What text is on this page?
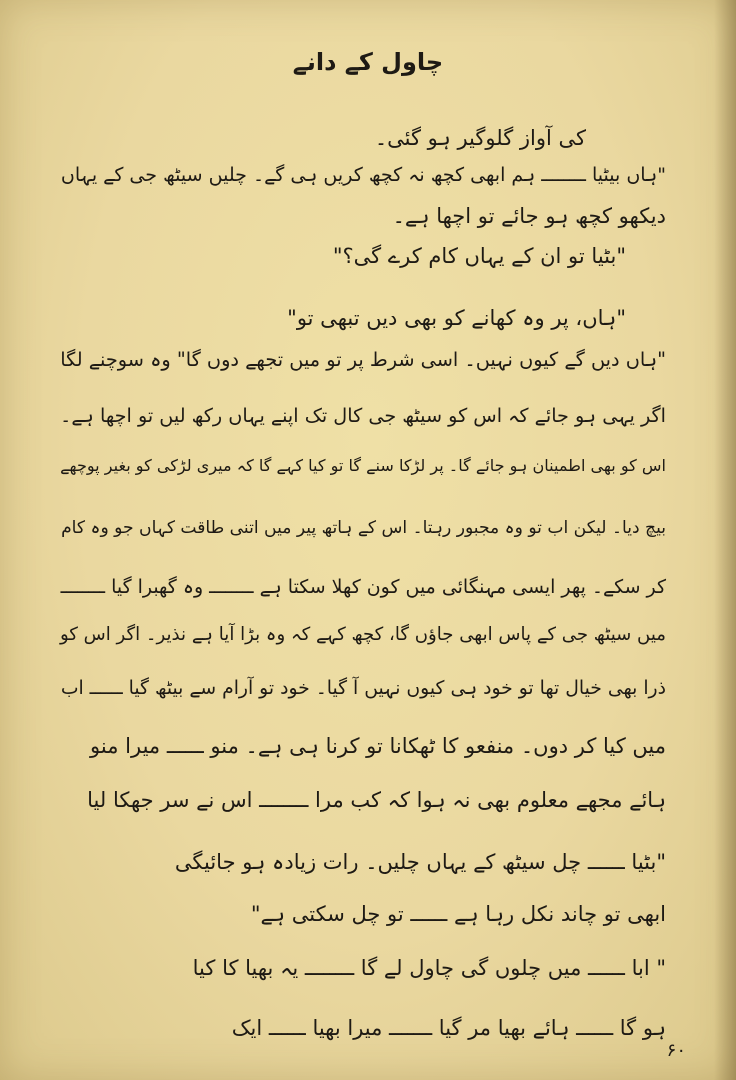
چاول کے دانے
کی آواز گلوگیر ہو گئی۔
"ہاں بیٹیا ــــــــ ہم ابھی کچھ نہ کچھ کریں ہی گے۔ چلیں سیٹھ جی کے یہاں
دیکھو کچھ ہو جائے تو اچھا ہے۔
"بٹیا تو ان کے یہاں کام کرے گی؟"
"ہاں، پر وہ کھانے کو بھی دیں تبھی تو"
"ہاں دیں گے کیوں نہیں۔ اسی شرط پر تو میں تجھے دوں گا" وہ سوچنے لگا
اگر یہی ہو جائے کہ اس کو سیٹھ جی کال تک اپنے یہاں رکھ لیں تو اچھا ہے۔
اس کو بھی اطمینان ہو جائے گا۔ پر لڑکا سنے گا تو کیا کہے گا کہ میری لڑکی کو بغیر پوچھے
بیچ دیا۔ لیکن اب تو وہ مجبور رہتا۔ اس کے ہاتھ پیر میں اتنی طاقت کہاں جو وہ کام
کر سکے۔ پھر ایسی مہنگائی میں کون کھلا سکتا ہے ــــــــ وہ گھبرا گیا ــــــــ
میں سیٹھ جی کے پاس ابھی جاؤں گا، کچھ کہے کہ وہ بڑا آیا ہے نذیر۔ اگر اس کو
ذرا بھی خیال تھا تو خود ہی کیوں نہیں آ گیا۔ خود تو آرام سے بیٹھ گیا ــــــ اب
میں کیا کر دوں۔ منفعو کا ٹھکانا تو کرنا ہی ہے۔ منو ــــــ میرا منو
ہائے مجھے معلوم بھی نہ ہوا کہ کب مرا ــــــــ اس نے سر جھکا لیا
"بٹیا ــــــ چل سیٹھ کے یہاں چلیں۔ رات زیادہ ہو جائیگی
ابھی تو چاند نکل رہا ہے ــــــ تو چل سکتی ہے"
" ابا ــــــ میں چلوں گی چاول لے گا ــــــــ یہ بھیا کا کیا
ہو گا ــــــ ہائے بھیا مر گیا ـــــــ میرا بھیا ــــــ ایک
۶۰
